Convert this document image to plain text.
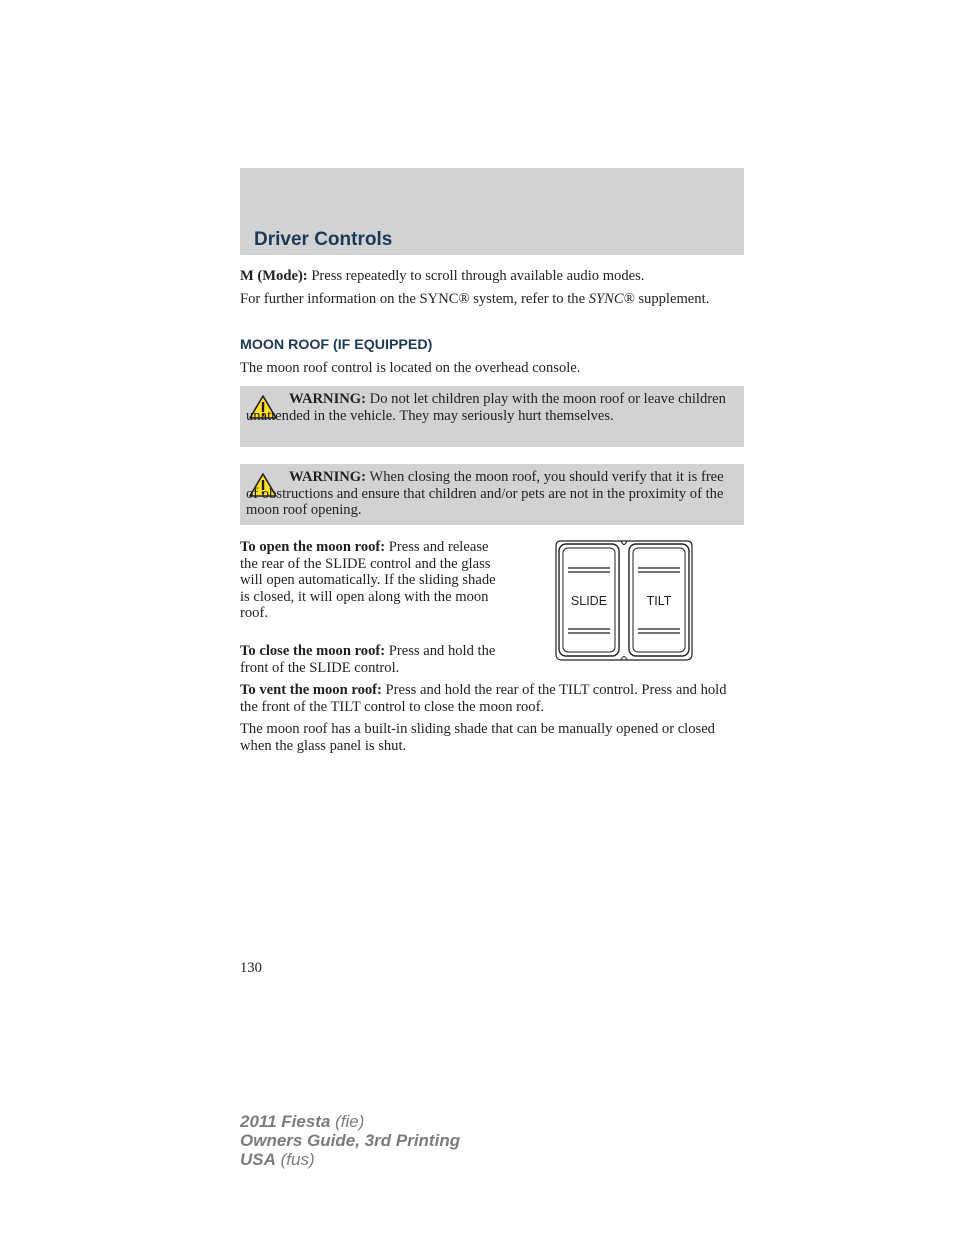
Driver Controls

M (Mode): Press repeatedly to scroll through available audio modes.

For further information on the SYNC® system, refer to the SYNC® supplement.

MOON ROOF (IF EQUIPPED)

The moon roof control is located on the overhead console.

WARNING: Do not let children play with the moon roof or leave children unattended in the vehicle. They may seriously hurt themselves.
WARNING: When closing the moon roof, you should verify that it is free of obstructions and ensure that children and/or pets are not in the proximity of the moon roof opening.

To open the moon roof: Press and release the rear of the SLIDE control and the glass will open automatically. If the sliding shade is closed, it will open along with the moon roof.

To close the moon roof: Press and hold the front of the SLIDE control.

SLIDE	TILT

To vent the moon roof: Press and hold the rear of the TILT control. Press and hold the front of the TILT control to close the moon roof.

The moon roof has a built-in sliding shade that can be manually opened or closed when the glass panel is shut.

130
2011 Fiesta (fie)
Owners Guide, 3rd Printing
USA (fus)
